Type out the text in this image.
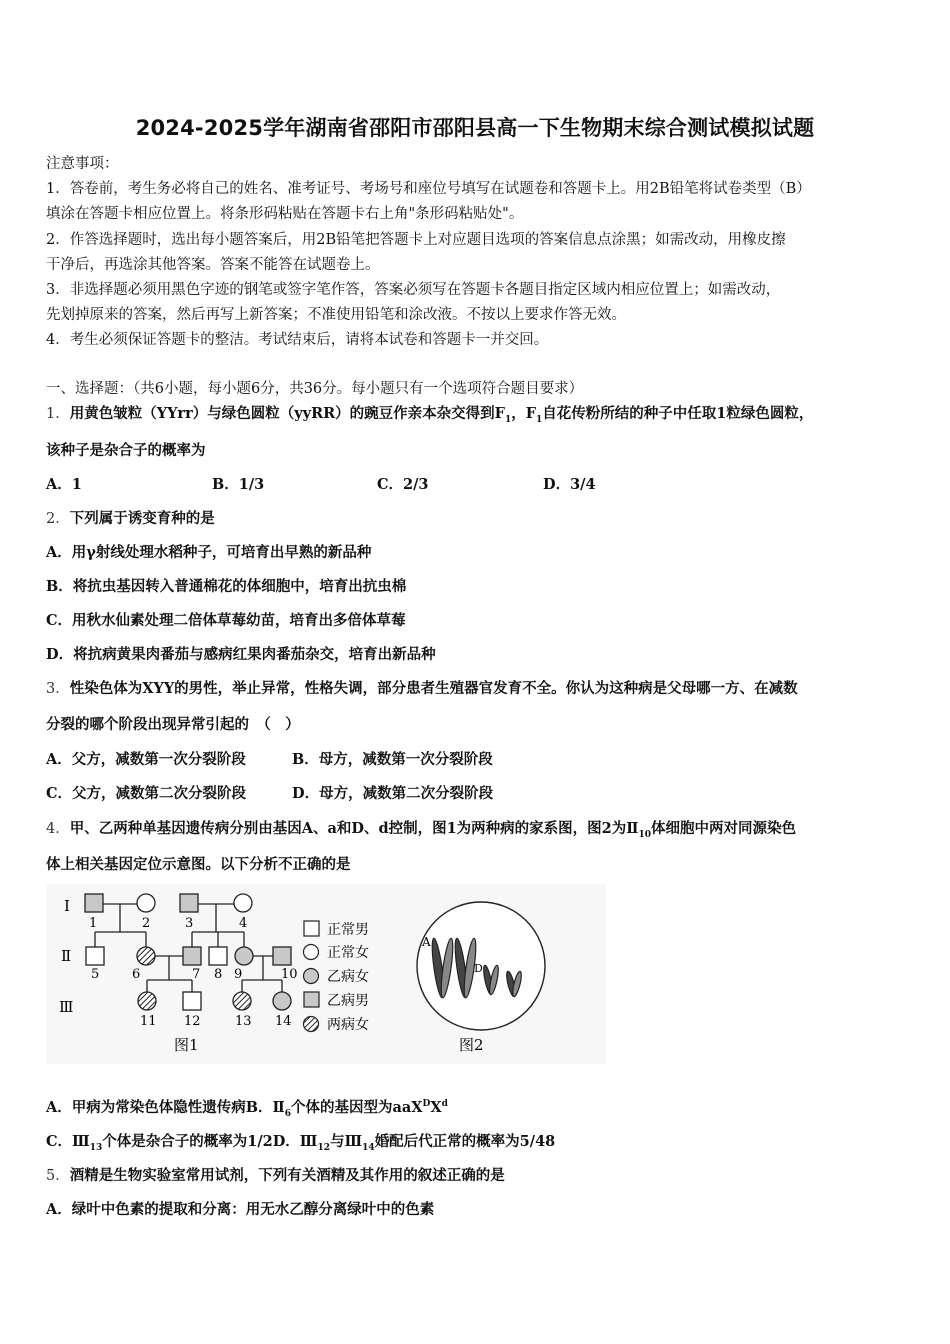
2024-2025学年湖南省邵阳市邵阳县高一下生物期末综合测试模拟试题
注意事项：
1．答卷前，考生务必将自己的姓名、准考证号、考场号和座位号填写在试题卷和答题卡上。用2B铅笔将试卷类型（B）
填涂在答题卡相应位置上。将条形码粘贴在答题卡右上角"条形码粘贴处"。
2．作答选择题时，选出每小题答案后，用2B铅笔把答题卡上对应题目选项的答案信息点涂黑；如需改动，用橡皮擦
干净后，再选涂其他答案。答案不能答在试题卷上。
3．非选择题必须用黑色字迹的钢笔或签字笔作答，答案必须写在答题卡各题目指定区域内相应位置上；如需改动，
先划掉原来的答案，然后再写上新答案；不准使用铅笔和涂改液。不按以上要求作答无效。
4．考生必须保证答题卡的整洁。考试结束后，请将本试卷和答题卡一并交回。
一、选择题：（共6小题，每小题6分，共36分。每小题只有一个选项符合题目要求）
1．用黄色皱粒（YYrr）与绿色圆粒（yyRR）的豌豆作亲本杂交得到$F_1$，$F_1$自花传粉所结的种子中任取1粒绿色圆粒，
该种子是杂合子的概率为
A．1	B．1/3	C．2/3	D．3/4
2．下列属于诱变育种的是
A．用γ射线处理水稻种子，可培育出早熟的新品种
B．将抗虫基因转入普通棉花的体细胞中，培育出抗虫棉
C．用秋水仙素处理二倍体草莓幼苗，培育出多倍体草莓
D．将抗病黄果肉番茄与感病红果肉番茄杂交，培育出新品种
3．性染色体为XYY的男性，举止异常，性格失调，部分患者生殖器官发育不全。你认为这种病是父母哪一方、在减数
分裂的哪个阶段出现异常引起的　（　）
A．父方，减数第一次分裂阶段	B．母方，减数第一次分裂阶段
C．父方，减数第二次分裂阶段	D．母方，减数第二次分裂阶段
4．甲、乙两种单基因遗传病分别由基因A、a和D、d控制，图1为两种病的家系图，图2为$Ⅱ_{10}$体细胞中两对同源染色
体上相关基因定位示意图。以下分析不正确的是
Ⅰ
Ⅱ
Ⅲ
1	2	3	4
5	6	7 8 9	10
11 12	13 14
正常男
正常女
乙病女
乙病男
两病女
图1
A
D
图2
A．甲病为常染色体隐性遗传病B．$Ⅱ_6$个体的基因型为$aaX^DX^d$
C．$Ⅲ_{13}$个体是杂合子的概率为1/2D．$Ⅲ_{12}$与$Ⅲ_{14}$婚配后代正常的概率为5/48
5．酒精是生物实验室常用试剂，下列有关酒精及其作用的叙述正确的是
A．绿叶中色素的提取和分离：用无水乙醇分离绿叶中的色素
